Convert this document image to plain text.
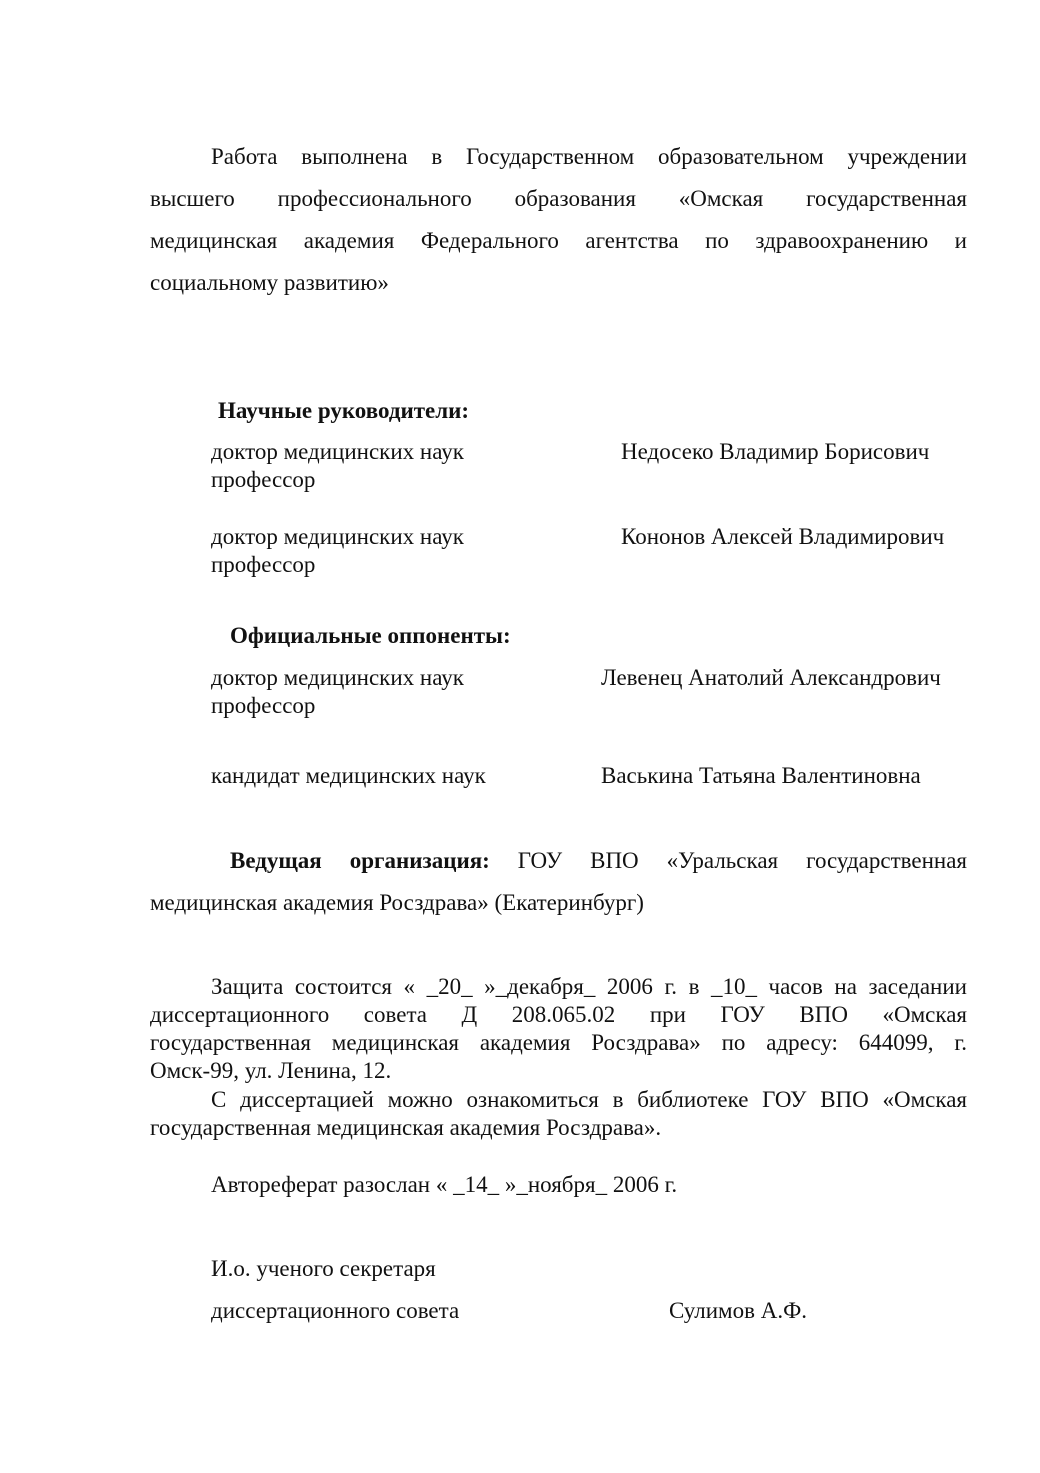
Работа выполнена в Государственном образовательном учреждении
высшего профессионального образования «Омская государственная
медицинская академия Федерального агентства по здравоохранению и
социальному развитию»
Научные руководители:
доктор медицинских наук
профессор
Недосеко Владимир Борисович
доктор медицинских наук
профессор
Кононов Алексей Владимирович
Официальные оппоненты:
доктор медицинских наук
профессор
Левенец Анатолий Александрович
кандидат медицинских наук	Васькина Татьяна Валентиновна
Ведущая организация: ГОУ ВПО «Уральская государственная
медицинская академия Росздрава» (Екатеринбург)
Защита состоится « _20_ »_декабря_ 2006 г. в _10_ часов на заседании
диссертационного совета Д 208.065.02 при ГОУ ВПО «Омская
государственная медицинская академия Росздрава» по адресу: 644099, г.
Омск-99, ул. Ленина, 12.
С диссертацией можно ознакомиться в библиотеке ГОУ ВПО «Омская
государственная медицинская академия Росздрава».
Автореферат разослан « _14_ »_ноября_ 2006 г.
И.о. ученого секретаря
диссертационного совета	Сулимов А.Ф.
